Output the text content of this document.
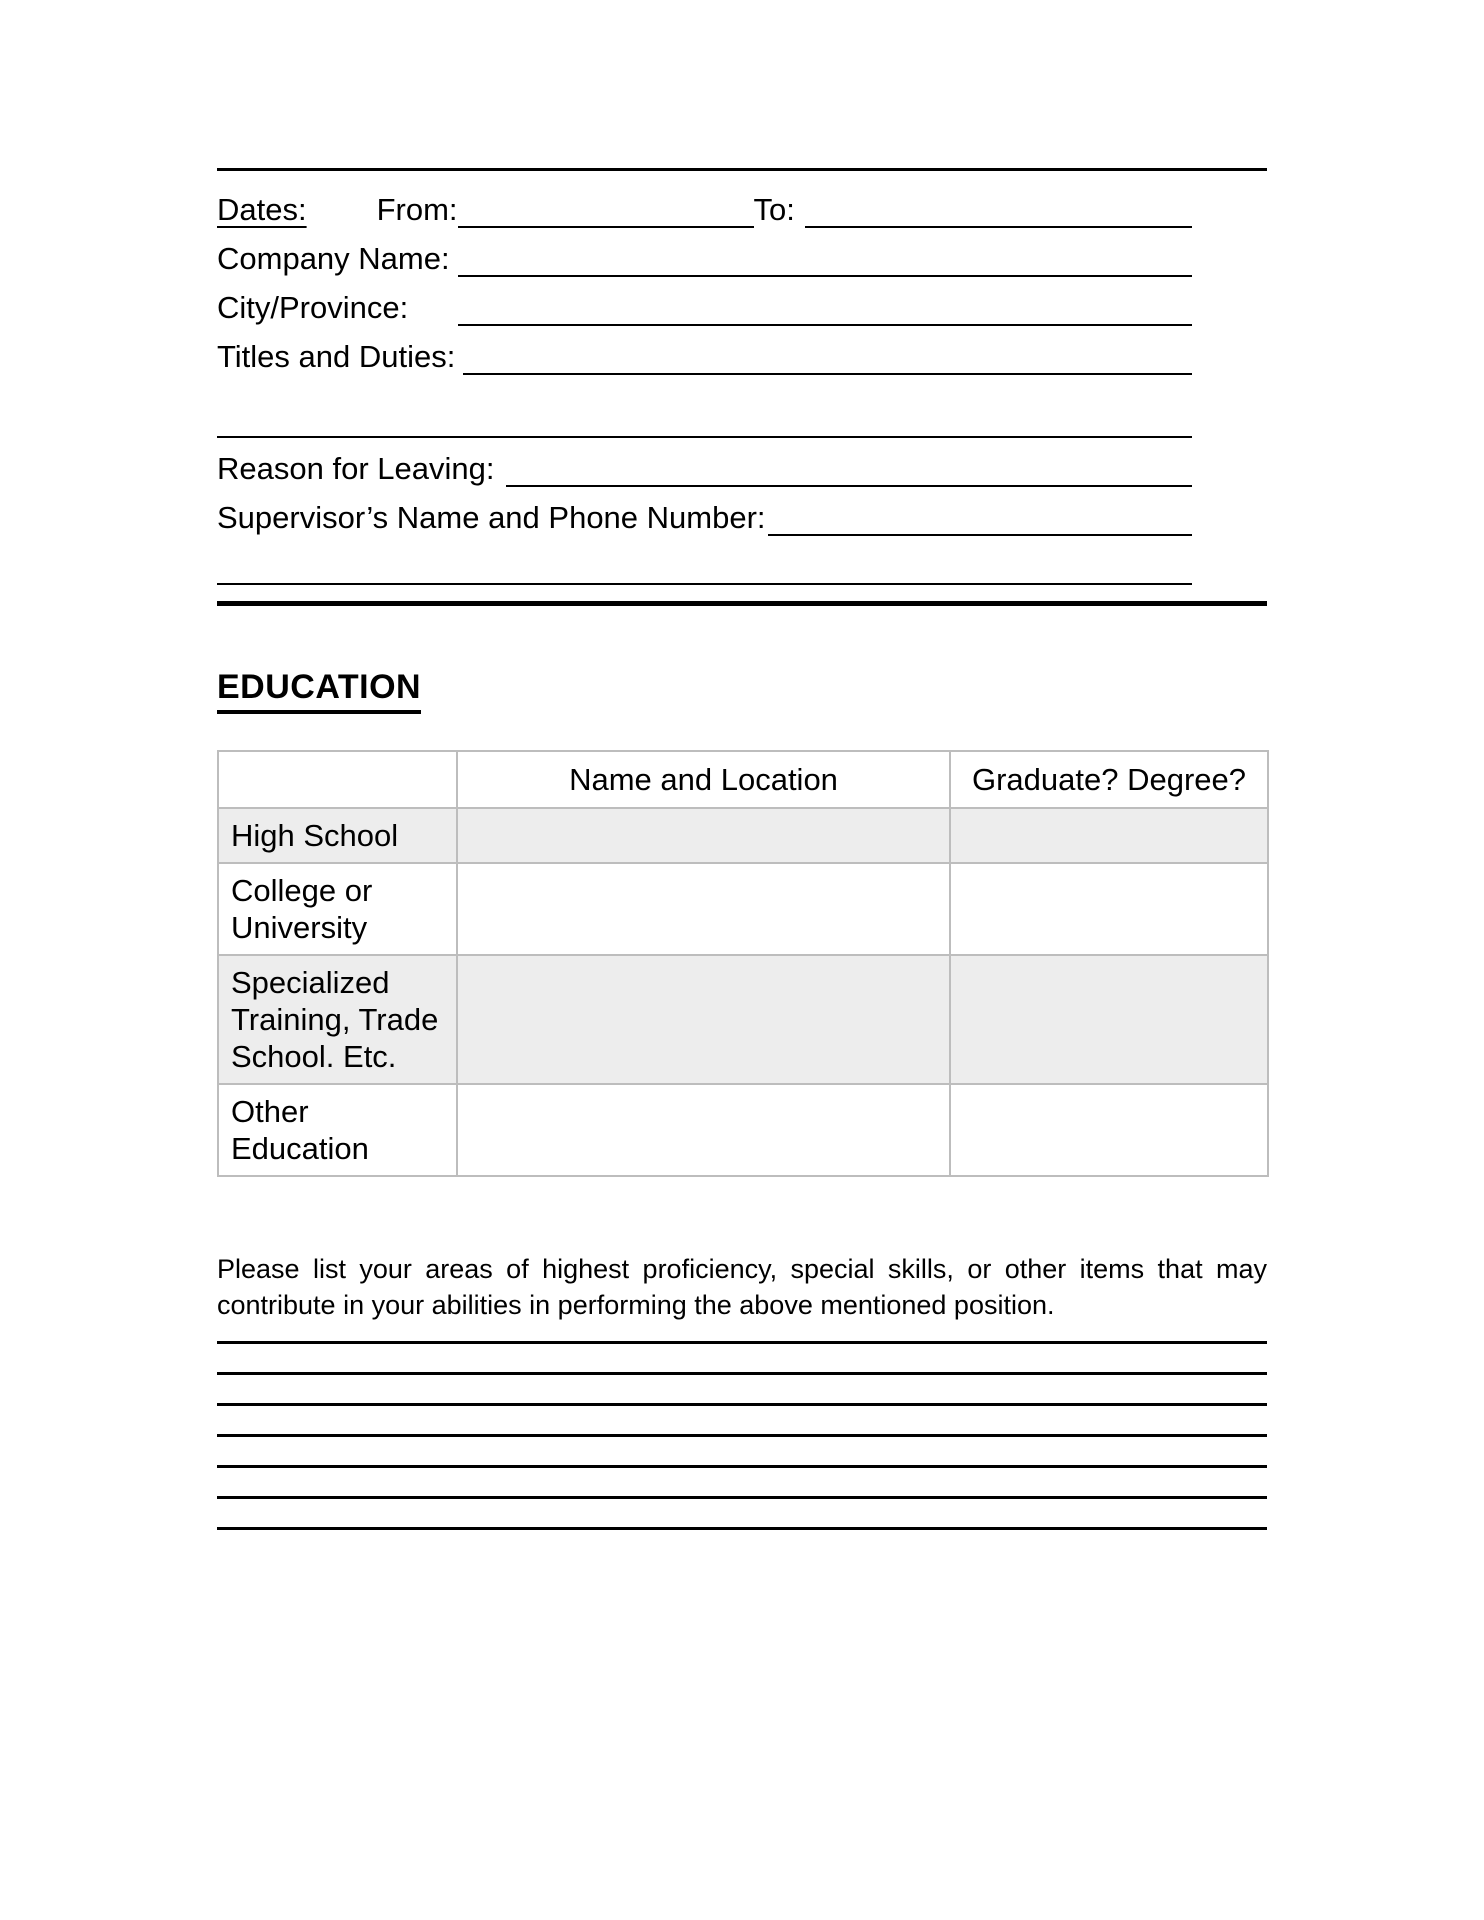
Dates: From:	To:
Company Name:
City/Province:
Titles and Duties:
Reason for Leaving:
Supervisor’s Name and Phone Number:
EDUCATION
	Name and Location	Graduate? Degree?
High School		
College or University		
Specialized Training, Trade School. Etc.		
Other Education		
Please list your areas of highest proficiency, special skills, or other items that may contribute in your abilities in performing the above mentioned position.
